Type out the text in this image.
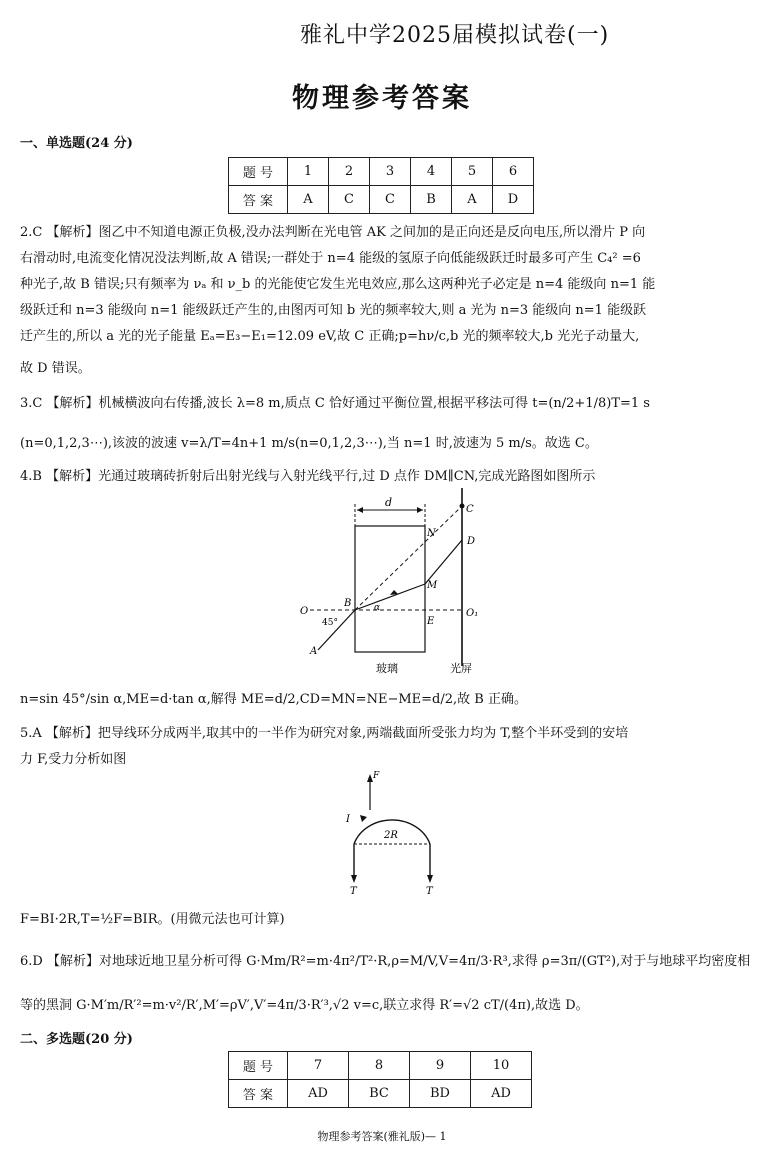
雅礼中学2025届模拟试卷(一)
物理参考答案
一、单选题(24 分)
题 号	1	2	3	4	5	6
答 案	A	C	C	B	A	D
2.C 【解析】图乙中不知道电源正负极,没办法判断在光电管 AK 之间加的是正向还是反向电压,所以滑片 P 向
右滑动时,电流变化情况没法判断,故 A 错误;一群处于 n=4 能级的氢原子向低能级跃迁时最多可产生 C₄² =6
种光子,故 B 错误;只有频率为 νₐ 和 ν_b 的光能使它发生光电效应,那么这两种光子必定是 n=4 能级向 n=1 能
级跃迁和 n=3 能级向 n=1 能级跃迁产生的,由图丙可知 b 光的频率较大,则 a 光为 n=3 能级向 n=1 能级跃
迁产生的,所以 a 光的光子能量 Eₐ=E₃−E₁=12.09 eV,故 C 正确;p=hν/c,b 光的频率较大,b 光光子动量大,
故 D 错误。
3.C 【解析】机械横波向右传播,波长 λ=8 m,质点 C 恰好通过平衡位置,根据平移法可得 t=(n/2+1/8)T=1 s
(n=0,1,2,3⋯),该波的波速 v=λ/T=4n+1 m/s(n=0,1,2,3⋯),当 n=1 时,波速为 5 m/s。故选 C。
4.B 【解析】光通过玻璃砖折射后出射光线与入射光线平行,过 D 点作 DM∥CN,完成光路图如图所示
d
C
N
D
M
O
B	α
45°	E
O₁
A
玻璃	光屏
n=sin 45°/sin α,ME=d·tan α,解得 ME=d/2,CD=MN=NE−ME=d/2,故 B 正确。
5.A 【解析】把导线环分成两半,取其中的一半作为研究对象,两端截面所受张力均为 T,整个半环受到的安培
力 F,受力分析如图
F
I
2R
T	T
F=BI·2R,T=½F=BIR。(用微元法也可计算)
6.D 【解析】对地球近地卫星分析可得 G·Mm/R²=m·4π²/T²·R,ρ=M/V,V=4π/3·R³,求得 ρ=3π/(GT²),对于与地球平均密度相
等的黑洞 G·M′m/R′²=m·v²/R′,M′=ρV′,V′=4π/3·R′³,√2 v=c,联立求得 R′=√2 cT/(4π),故选 D。
二、多选题(20 分)
题 号	7	8	9	10
答 案	AD	BC	BD	AD
物理参考答案(雅礼版)— 1
